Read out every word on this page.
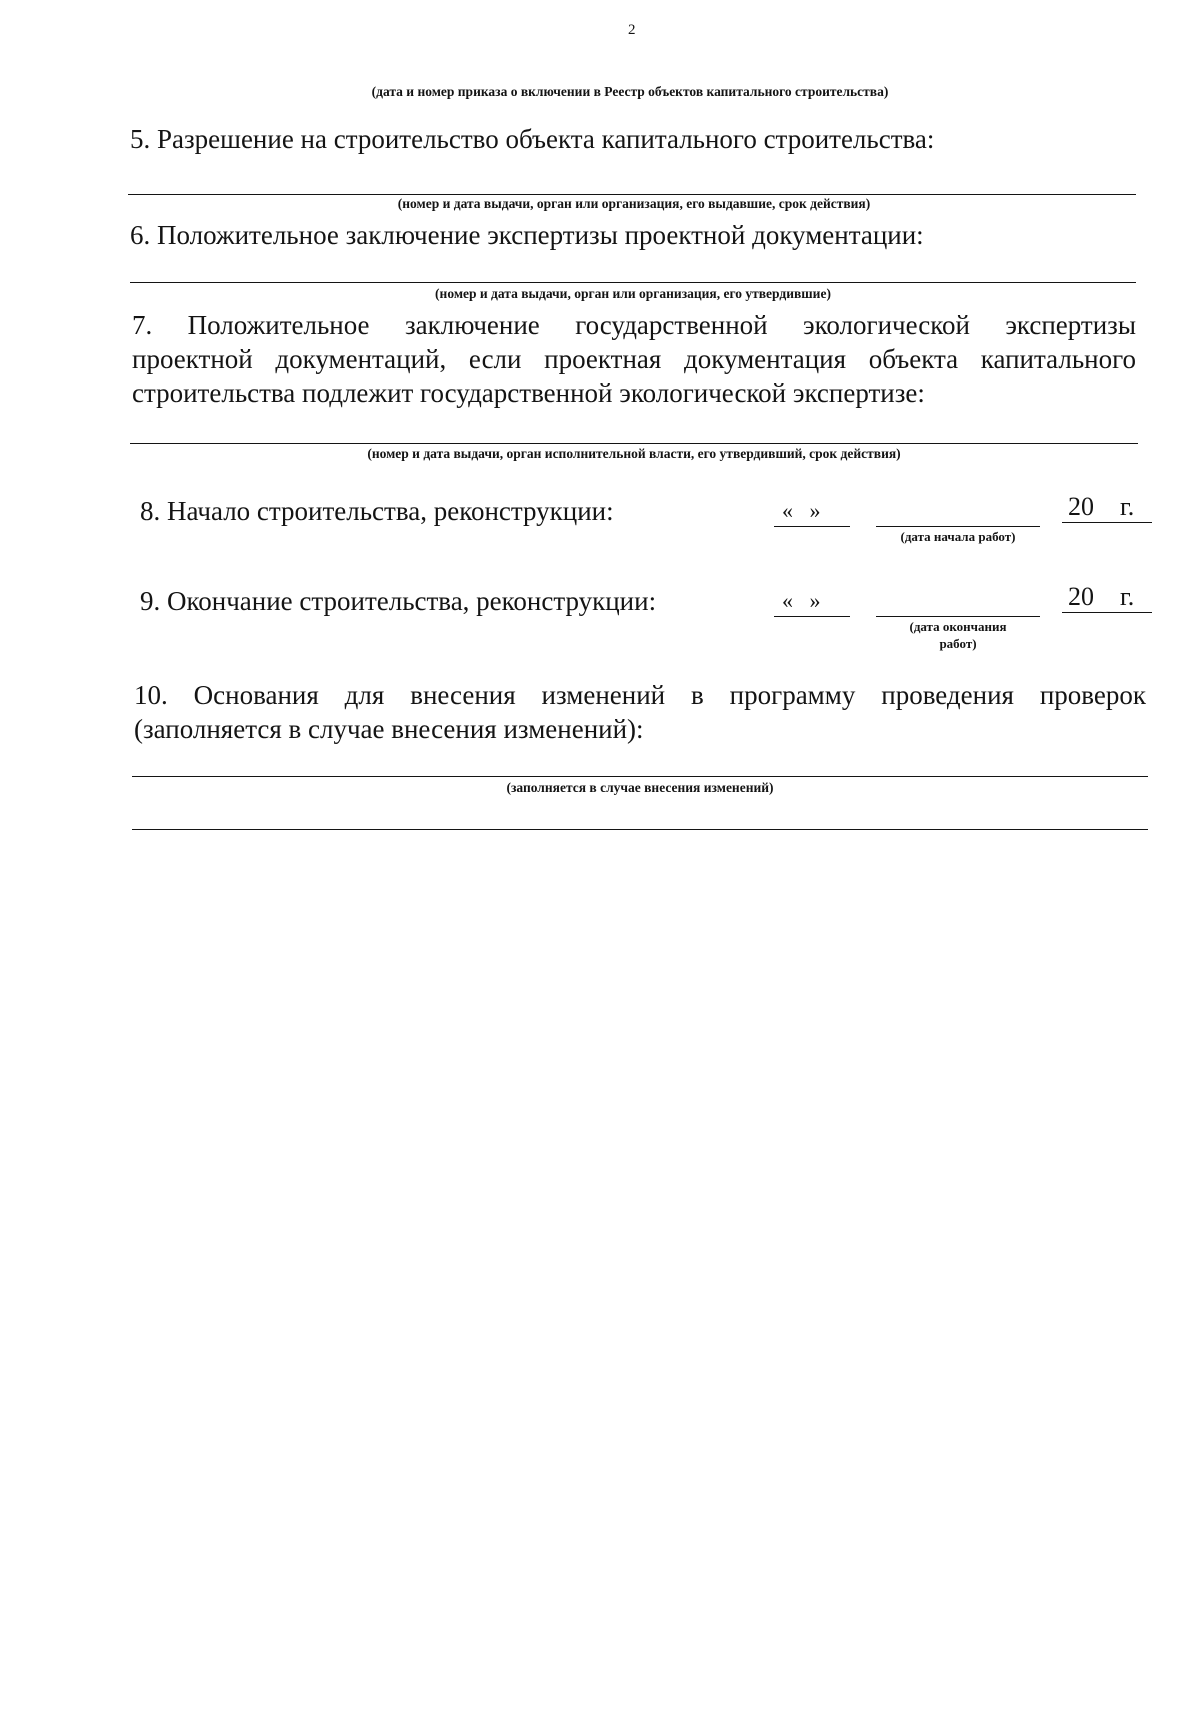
2
(дата и номер приказа о включении в Реестр объектов капитального строительства)
5. Разрешение на строительство объекта капитального строительства:
(номер и дата выдачи, орган или организация, его выдавшие, срок действия)
6. Положительное заключение экспертизы проектной документации:
(номер и дата выдачи, орган или организация, его утвердившие)
7. Положительное заключение государственной экологической экспертизы
проектной документаций, если проектная документация объекта капитального
строительства подлежит государственной экологической экспертизе:
(номер и дата выдачи, орган исполнительной власти, его утвердивший, срок действия)
8. Начало строительства, реконструкции:	«   »
(дата начала работ)
20 г.
9. Окончание строительства, реконструкции:	«   »
(дата окончания работ)
20 г.
10. Основания для внесения изменений в программу проведения проверок
(заполняется в случае внесения изменений):
(заполняется в случае внесения изменений)
